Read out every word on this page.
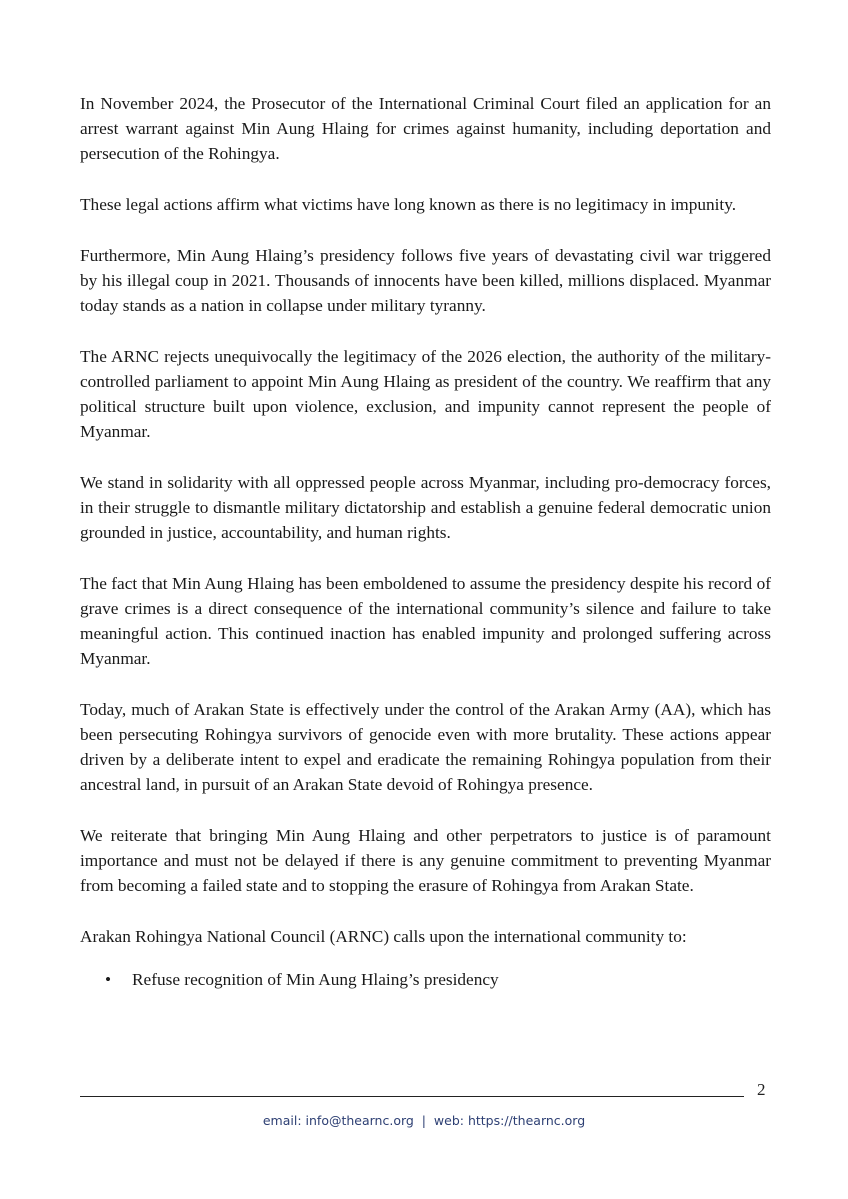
In November 2024, the Prosecutor of the International Criminal Court filed an application for an arrest warrant against Min Aung Hlaing for crimes against humanity, including deportation and persecution of the Rohingya.

These legal actions affirm what victims have long known as there is no legitimacy in impunity.

Furthermore, Min Aung Hlaing’s presidency follows five years of devastating civil war triggered by his illegal coup in 2021. Thousands of innocents have been killed, millions displaced. Myanmar today stands as a nation in collapse under military tyranny.

The ARNC rejects unequivocally the legitimacy of the 2026 election, the authority of the military-controlled parliament to appoint Min Aung Hlaing as president of the country. We reaffirm that any political structure built upon violence, exclusion, and impunity cannot represent the people of Myanmar.

We stand in solidarity with all oppressed people across Myanmar, including pro-democracy forces, in their struggle to dismantle military dictatorship and establish a genuine federal democratic union grounded in justice, accountability, and human rights.

The fact that Min Aung Hlaing has been emboldened to assume the presidency despite his record of grave crimes is a direct consequence of the international community’s silence and failure to take meaningful action. This continued inaction has enabled impunity and prolonged suffering across Myanmar.

Today, much of Arakan State is effectively under the control of the Arakan Army (AA), which has been persecuting Rohingya survivors of genocide even with more brutality. These actions appear driven by a deliberate intent to expel and eradicate the remaining Rohingya population from their ancestral land, in pursuit of an Arakan State devoid of Rohingya presence.

We reiterate that bringing Min Aung Hlaing and other perpetrators to justice is of paramount importance and must not be delayed if there is any genuine commitment to preventing Myanmar from becoming a failed state and to stopping the erasure of Rohingya from Arakan State.

Arakan Rohingya National Council (ARNC) calls upon the international community to:

• Refuse recognition of Min Aung Hlaing’s presidency
2
email: info@thearnc.org  |  web: https://thearnc.org
